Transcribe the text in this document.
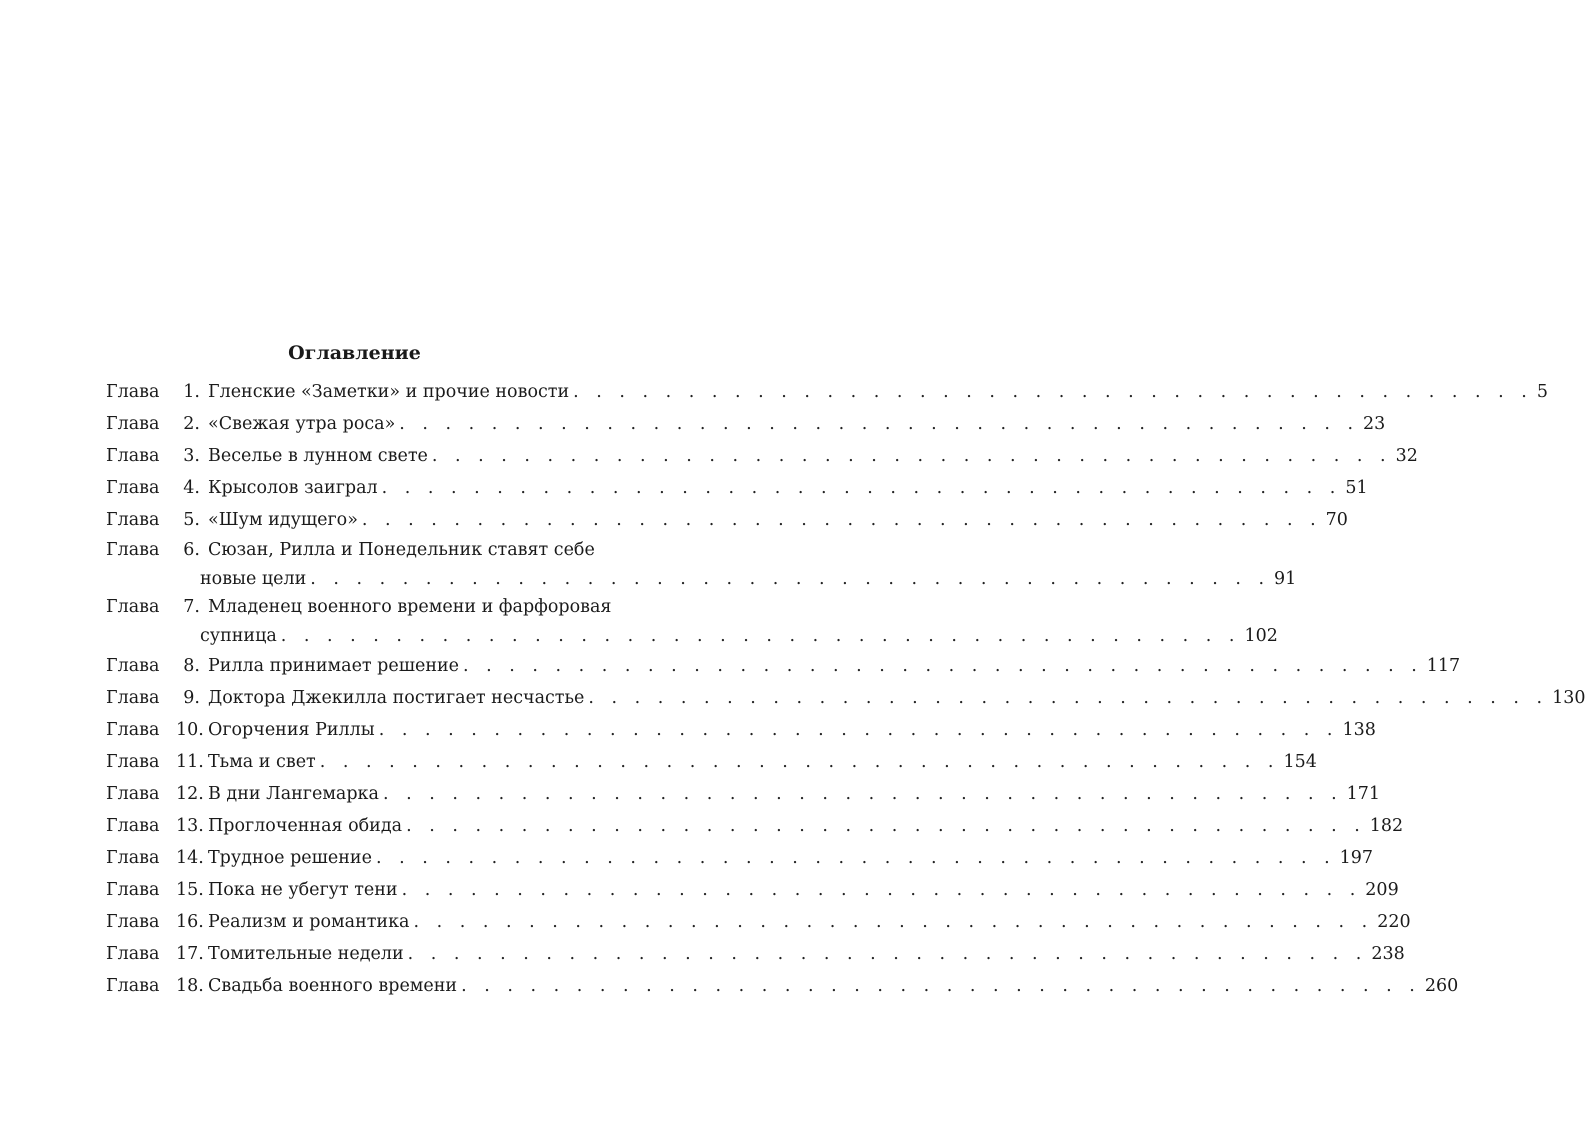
Оглавление
Глава	1. Гленские «Заметки» и прочие новости . . . . . . . . . . . . . . . . . . . . . . . . . . . . . . . . . . . . . . . . . . 5
Глава	2. «Свежая утра роса» . . . . . . . . . . . . . . . . . . . . . . . . . . . . . . . . . . . . . . . . . . 23
Глава	3. Веселье в лунном свете . . . . . . . . . . . . . . . . . . . . . . . . . . . . . . . . . . . . . . . . . . 32
Глава	4. Крысолов заиграл . . . . . . . . . . . . . . . . . . . . . . . . . . . . . . . . . . . . . . . . . . 51
Глава	5. «Шум идущего» . . . . . . . . . . . . . . . . . . . . . . . . . . . . . . . . . . . . . . . . . . 70
Глава	6. Сюзан, Рилла и Понедельник ставят себе
новые цели . . . . . . . . . . . . . . . . . . . . . . . . . . . . . . . . . . . . . . . . . . 91
Глава	7. Младенец военного времени и фарфоровая
супница . . . . . . . . . . . . . . . . . . . . . . . . . . . . . . . . . . . . . . . . . . 102
Глава	8. Рилла принимает решение . . . . . . . . . . . . . . . . . . . . . . . . . . . . . . . . . . . . . . . . . . 117
Глава	9. Доктора Джекилла постигает несчастье . . . . . . . . . . . . . . . . . . . . . . . . . . . . . . . . . . . . . . . . . . 130
Глава 10. Огорчения Риллы . . . . . . . . . . . . . . . . . . . . . . . . . . . . . . . . . . . . . . . . . . 138
Глава 11. Тьма и свет . . . . . . . . . . . . . . . . . . . . . . . . . . . . . . . . . . . . . . . . . . 154
Глава 12. В дни Лангемарка . . . . . . . . . . . . . . . . . . . . . . . . . . . . . . . . . . . . . . . . . . 171
Глава 13. Проглоченная обида . . . . . . . . . . . . . . . . . . . . . . . . . . . . . . . . . . . . . . . . . . 182
Глава 14. Трудное решение . . . . . . . . . . . . . . . . . . . . . . . . . . . . . . . . . . . . . . . . . . 197
Глава 15. Пока не убегут тени . . . . . . . . . . . . . . . . . . . . . . . . . . . . . . . . . . . . . . . . . . 209
Глава 16. Реализм и романтика . . . . . . . . . . . . . . . . . . . . . . . . . . . . . . . . . . . . . . . . . . 220
Глава 17. Томительные недели . . . . . . . . . . . . . . . . . . . . . . . . . . . . . . . . . . . . . . . . . . 238
Глава 18. Свадьба военного времени . . . . . . . . . . . . . . . . . . . . . . . . . . . . . . . . . . . . . . . . . . 260
